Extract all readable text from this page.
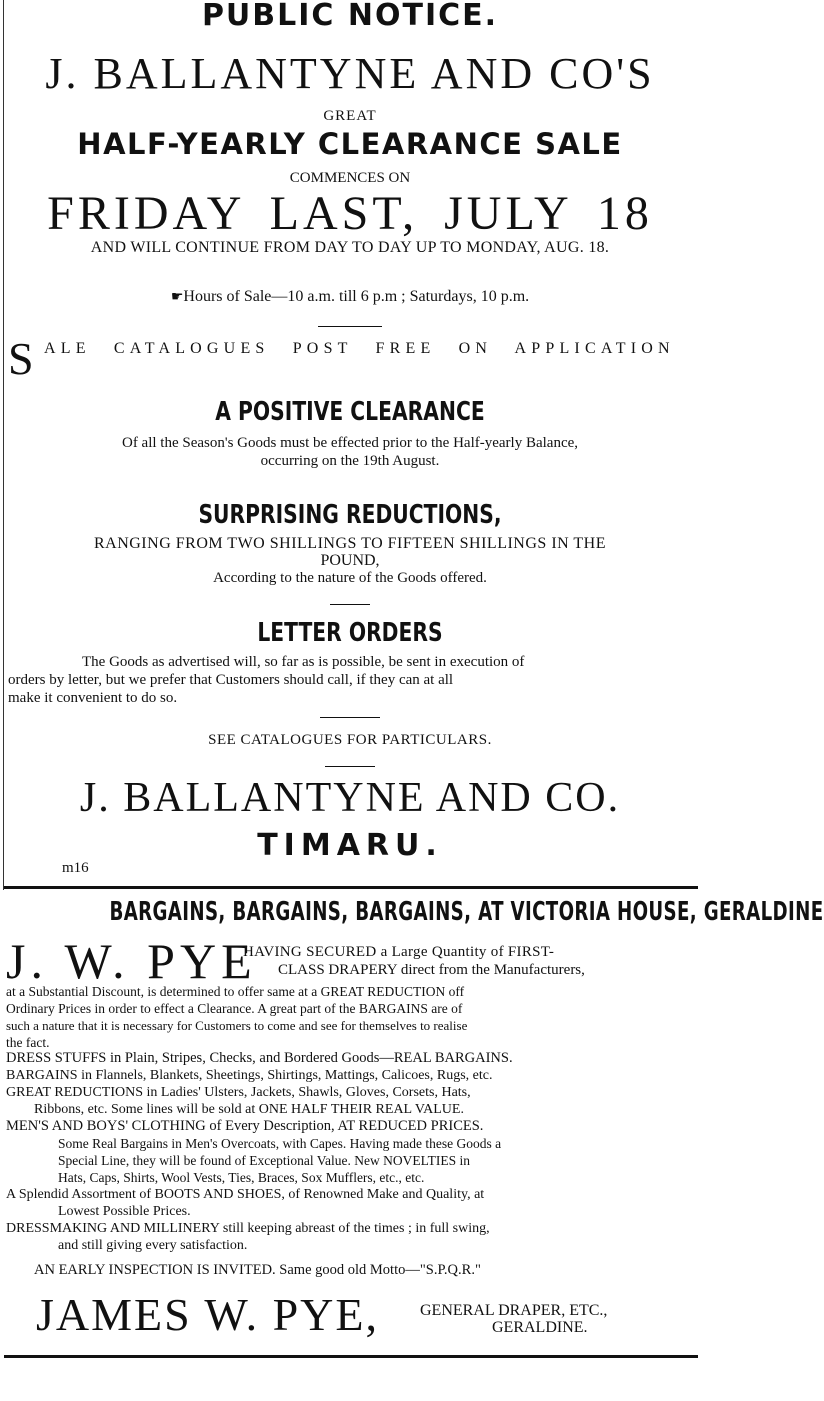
PUBLIC NOTICE.
J. BALLANTYNE AND CO'S
GREAT
HALF-YEARLY CLEARANCE SALE
COMMENCES ON
FRIDAY LAST, JULY 18
AND WILL CONTINUE FROM DAY TO DAY UP TO MONDAY, AUG. 18.
☛Hours of Sale—10 a.m. till 6 p.m ; Saturdays, 10 p.m.
S ALE CATALOGUES POST FREE ON APPLICATION
A POSITIVE CLEARANCE
Of all the Season's Goods must be effected prior to the Half-yearly Balance,
occurring on the 19th August.
SURPRISING REDUCTIONS,
RANGING FROM TWO SHILLINGS TO FIFTEEN SHILLINGS IN THE
POUND,
According to the nature of the Goods offered.
LETTER ORDERS
The Goods as advertised will, so far as is possible, be sent in execution of
orders by letter, but we prefer that Customers should call, if they can at all
make it convenient to do so.
SEE CATALOGUES FOR PARTICULARS.
J. BALLANTYNE AND CO.
TIMARU.
m16
BARGAINS, BARGAINS, BARGAINS, AT VICTORIA HOUSE, GERALDINE
J. W. PYE
HAVING SECURED a Large Quantity of FIRST-
CLASS DRAPERY direct from the Manufacturers,
at a Substantial Discount, is determined to offer same at a GREAT REDUCTION off
Ordinary Prices in order to effect a Clearance. A great part of the BARGAINS are of
such a nature that it is necessary for Customers to come and see for themselves to realise
the fact.
DRESS STUFFS in Plain, Stripes, Checks, and Bordered Goods—REAL BARGAINS.
BARGAINS in Flannels, Blankets, Sheetings, Shirtings, Mattings, Calicoes, Rugs, etc.
GREAT REDUCTIONS in Ladies' Ulsters, Jackets, Shawls, Gloves, Corsets, Hats,
Ribbons, etc. Some lines will be sold at ONE HALF THEIR REAL VALUE.
MEN'S AND BOYS' CLOTHING of Every Description, AT REDUCED PRICES.
Some Real Bargains in Men's Overcoats, with Capes. Having made these Goods a
Special Line, they will be found of Exceptional Value. New NOVELTIES in
Hats, Caps, Shirts, Wool Vests, Ties, Braces, Sox Mufflers, etc., etc.
A Splendid Assortment of BOOTS AND SHOES, of Renowned Make and Quality, at
Lowest Possible Prices.
DRESSMAKING AND MILLINERY still keeping abreast of the times ; in full swing,
and still giving every satisfaction.
AN EARLY INSPECTION IS INVITED. Same good old Motto—"S.P.Q.R."
JAMES W. PYE,	GENERAL DRAPER, ETC.,
GERALDINE.
